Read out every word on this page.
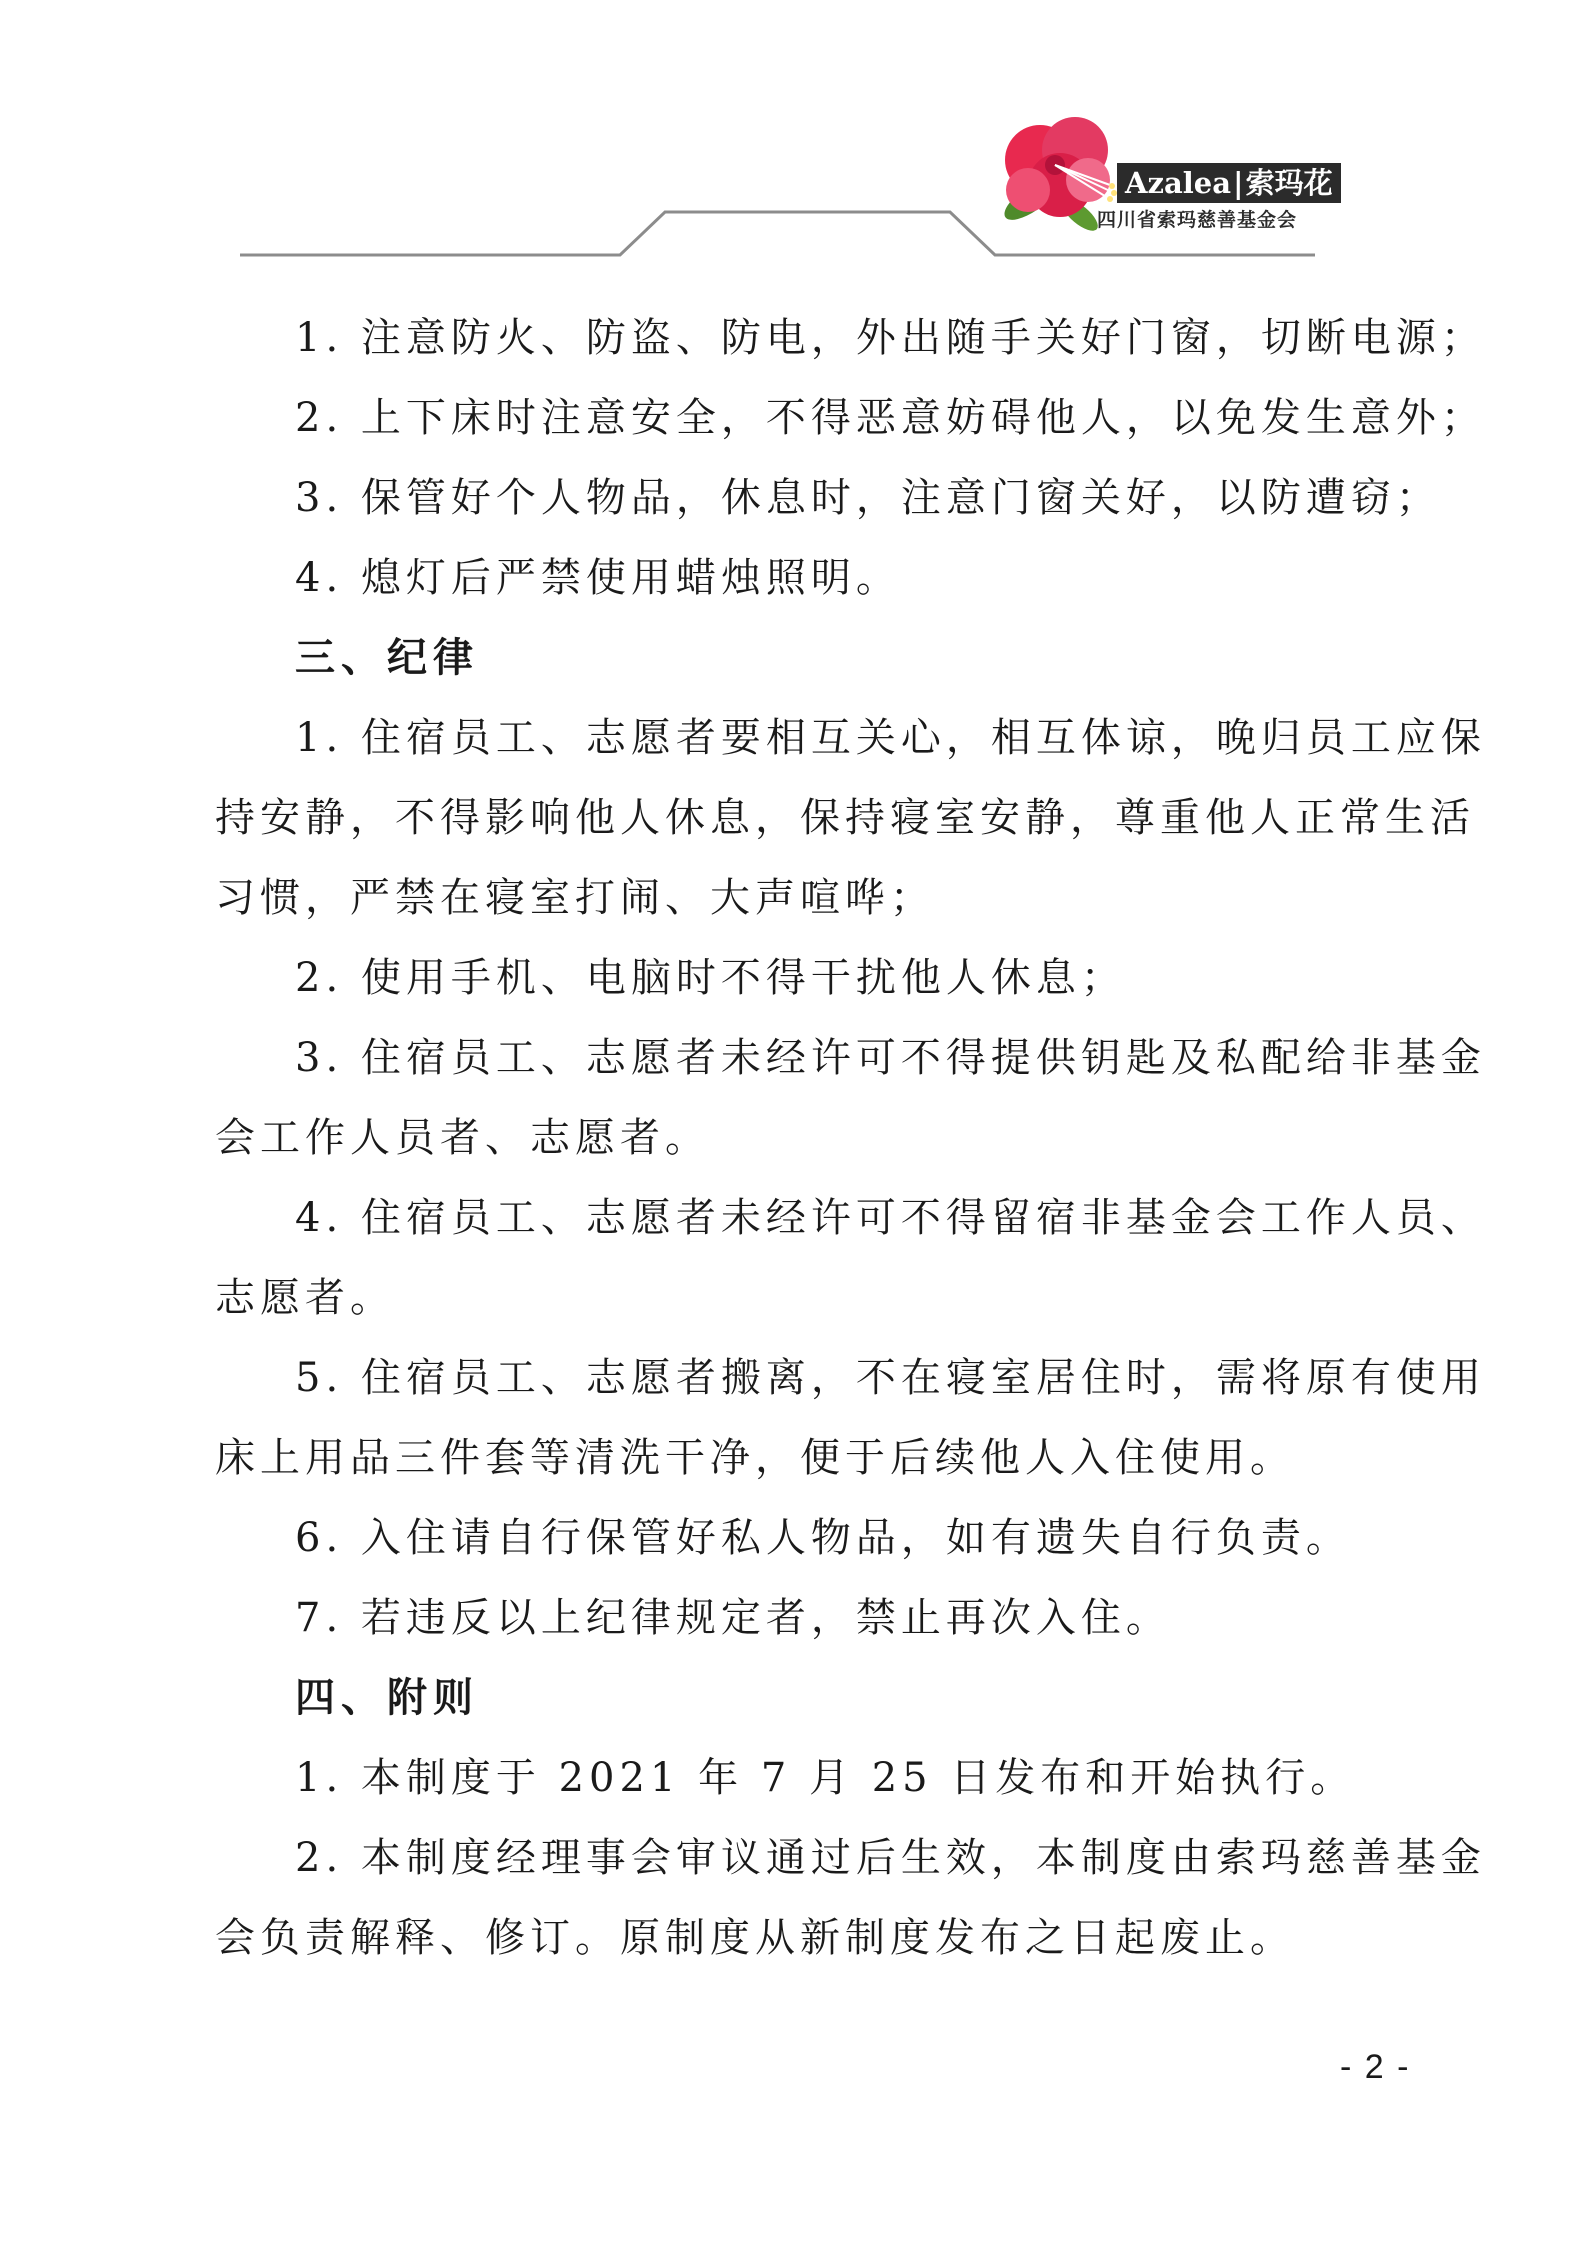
Azalea|索玛花
四川省索玛慈善基金会
1. 注意防火、防盗、防电，外出随手关好门窗，切断电源；
2. 上下床时注意安全，不得恶意妨碍他人，以免发生意外；
3. 保管好个人物品，休息时，注意门窗关好，以防遭窃；
4. 熄灯后严禁使用蜡烛照明。
三、纪律
1. 住宿员工、志愿者要相互关心，相互体谅，晚归员工应保
持安静，不得影响他人休息，保持寝室安静，尊重他人正常生活
习惯，严禁在寝室打闹、大声喧哗；
2. 使用手机、电脑时不得干扰他人休息；
3. 住宿员工、志愿者未经许可不得提供钥匙及私配给非基金
会工作人员者、志愿者。
4. 住宿员工、志愿者未经许可不得留宿非基金会工作人员、
志愿者。
5. 住宿员工、志愿者搬离，不在寝室居住时，需将原有使用
床上用品三件套等清洗干净，便于后续他人入住使用。
6. 入住请自行保管好私人物品，如有遗失自行负责。
7. 若违反以上纪律规定者，禁止再次入住。
四、附则
1. 本制度于 2021 年 7 月 25 日发布和开始执行。
2. 本制度经理事会审议通过后生效，本制度由索玛慈善基金
会负责解释、修订。原制度从新制度发布之日起废止。
- 2 -
